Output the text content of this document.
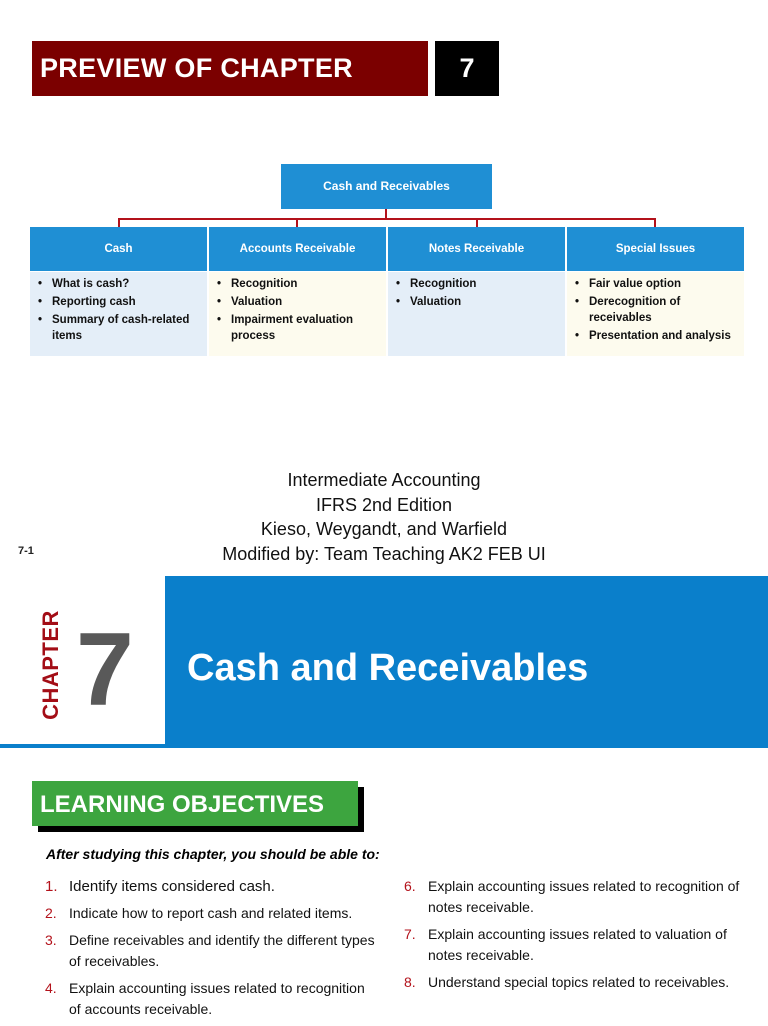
PREVIEW OF CHAPTER	7
Cash and Receivables
Cash	Accounts Receivable	Notes Receivable	Special Issues
• What is cash?
• Reporting cash
• Summary of cash-related items
• Recognition
• Valuation
• Impairment evaluation process
• Recognition
• Valuation
• Fair value option
• Derecognition of receivables
• Presentation and analysis
Intermediate Accounting
IFRS 2nd Edition
Kieso, Weygandt, and Warfield
Modified by: Team Teaching AK2 FEB UI
7-1
CHAPTER 7 Cash and Receivables
LEARNING OBJECTIVES
After studying this chapter, you should be able to:
1. Identify items considered cash.
2. Indicate how to report cash and related items.
3. Define receivables and identify the different types of receivables.
4. Explain accounting issues related to recognition of accounts receivable.
6. Explain accounting issues related to recognition of notes receivable.
7. Explain accounting issues related to valuation of notes receivable.
8. Understand special topics related to receivables.
